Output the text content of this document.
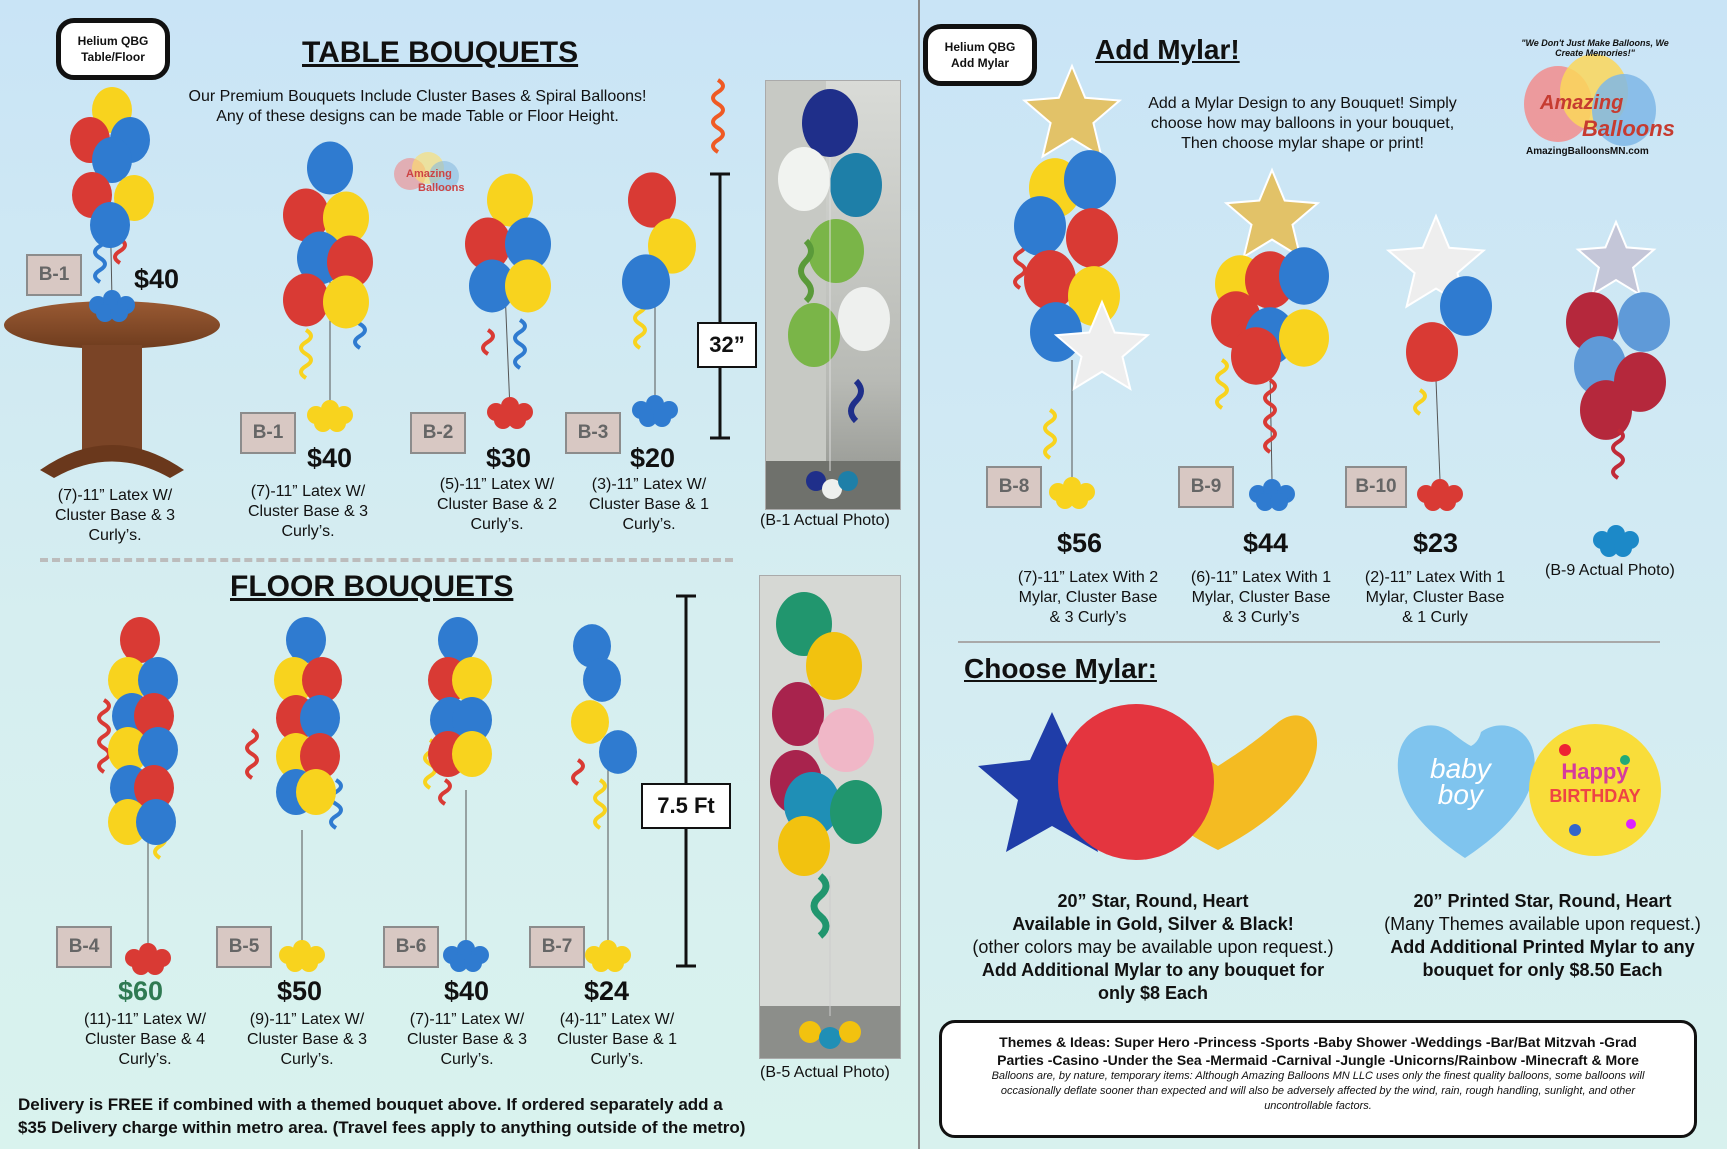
Helium QBG
Table/Floor	TABLE BOUQUETS
Our Premium Bouquets Include Cluster Bases & Spiral Balloons!
Any of these designs can be made Table or Floor Height.
Amazing
Balloons
B-1	$40
(7)-11” Latex W/
Cluster Base & 3
Curly’s.
B-1
$40
(7)-11” Latex W/
Cluster Base & 3
Curly’s.
B-2
$30
(5)-11” Latex W/
Cluster Base & 2
Curly’s.
B-3
$20
(3)-11” Latex W/
Cluster Base & 1
Curly’s.
32”
(B-1 Actual Photo)
FLOOR BOUQUETS
B-4
$60
(11)-11” Latex W/
Cluster Base & 4
Curly’s.
B-5
$50
(9)-11” Latex W/
Cluster Base & 3
Curly’s.
B-6
$40
(7)-11” Latex W/
Cluster Base & 3
Curly’s.
B-7
$24
(4)-11” Latex W/
Cluster Base & 1
Curly’s.
7.5 Ft
(B-5 Actual Photo)
Delivery is FREE if combined with a themed bouquet above. If ordered separately add a
$35 Delivery charge within metro area. (Travel fees apply to anything outside of the metro)
Helium QBG
Add Mylar	Add Mylar!
Add a Mylar Design to any Bouquet! Simply
choose how may balloons in your bouquet,
Then choose mylar shape or print!
"We Don't Just Make Balloons, We Create Memories!"
Amazing
Balloons
AmazingBalloonsMN.com
B-8
$56
(7)-11” Latex With 2
Mylar, Cluster Base
& 3 Curly’s
B-9
$44
(6)-11” Latex With 1
Mylar, Cluster Base
& 3 Curly’s
B-10
$23
(2)-11” Latex With 1
Mylar, Cluster Base
& 1 Curly
(B-9 Actual Photo)
Choose Mylar:
baby
boy
Happy
BIRTHDAY
20” Star, Round, Heart
Available in Gold, Silver & Black!
(other colors may be available upon request.)
Add Additional Mylar to any bouquet for
only $8 Each
20” Printed Star, Round, Heart
(Many Themes available upon request.)
Add Additional Printed Mylar to any
bouquet for only $8.50 Each
Themes & Ideas: Super Hero -Princess -Sports -Baby Shower -Weddings -Bar/Bat Mitzvah -Grad
Parties -Casino -Under the Sea -Mermaid -Carnival -Jungle -Unicorns/Rainbow -Minecraft & More
Balloons are, by nature, temporary items: Although Amazing Balloons MN LLC uses only the finest quality balloons, some balloons will
occasionally deflate sooner than expected and will also be adversely affected by the wind, rain, rough handling, sunlight, and other
uncontrollable factors.
